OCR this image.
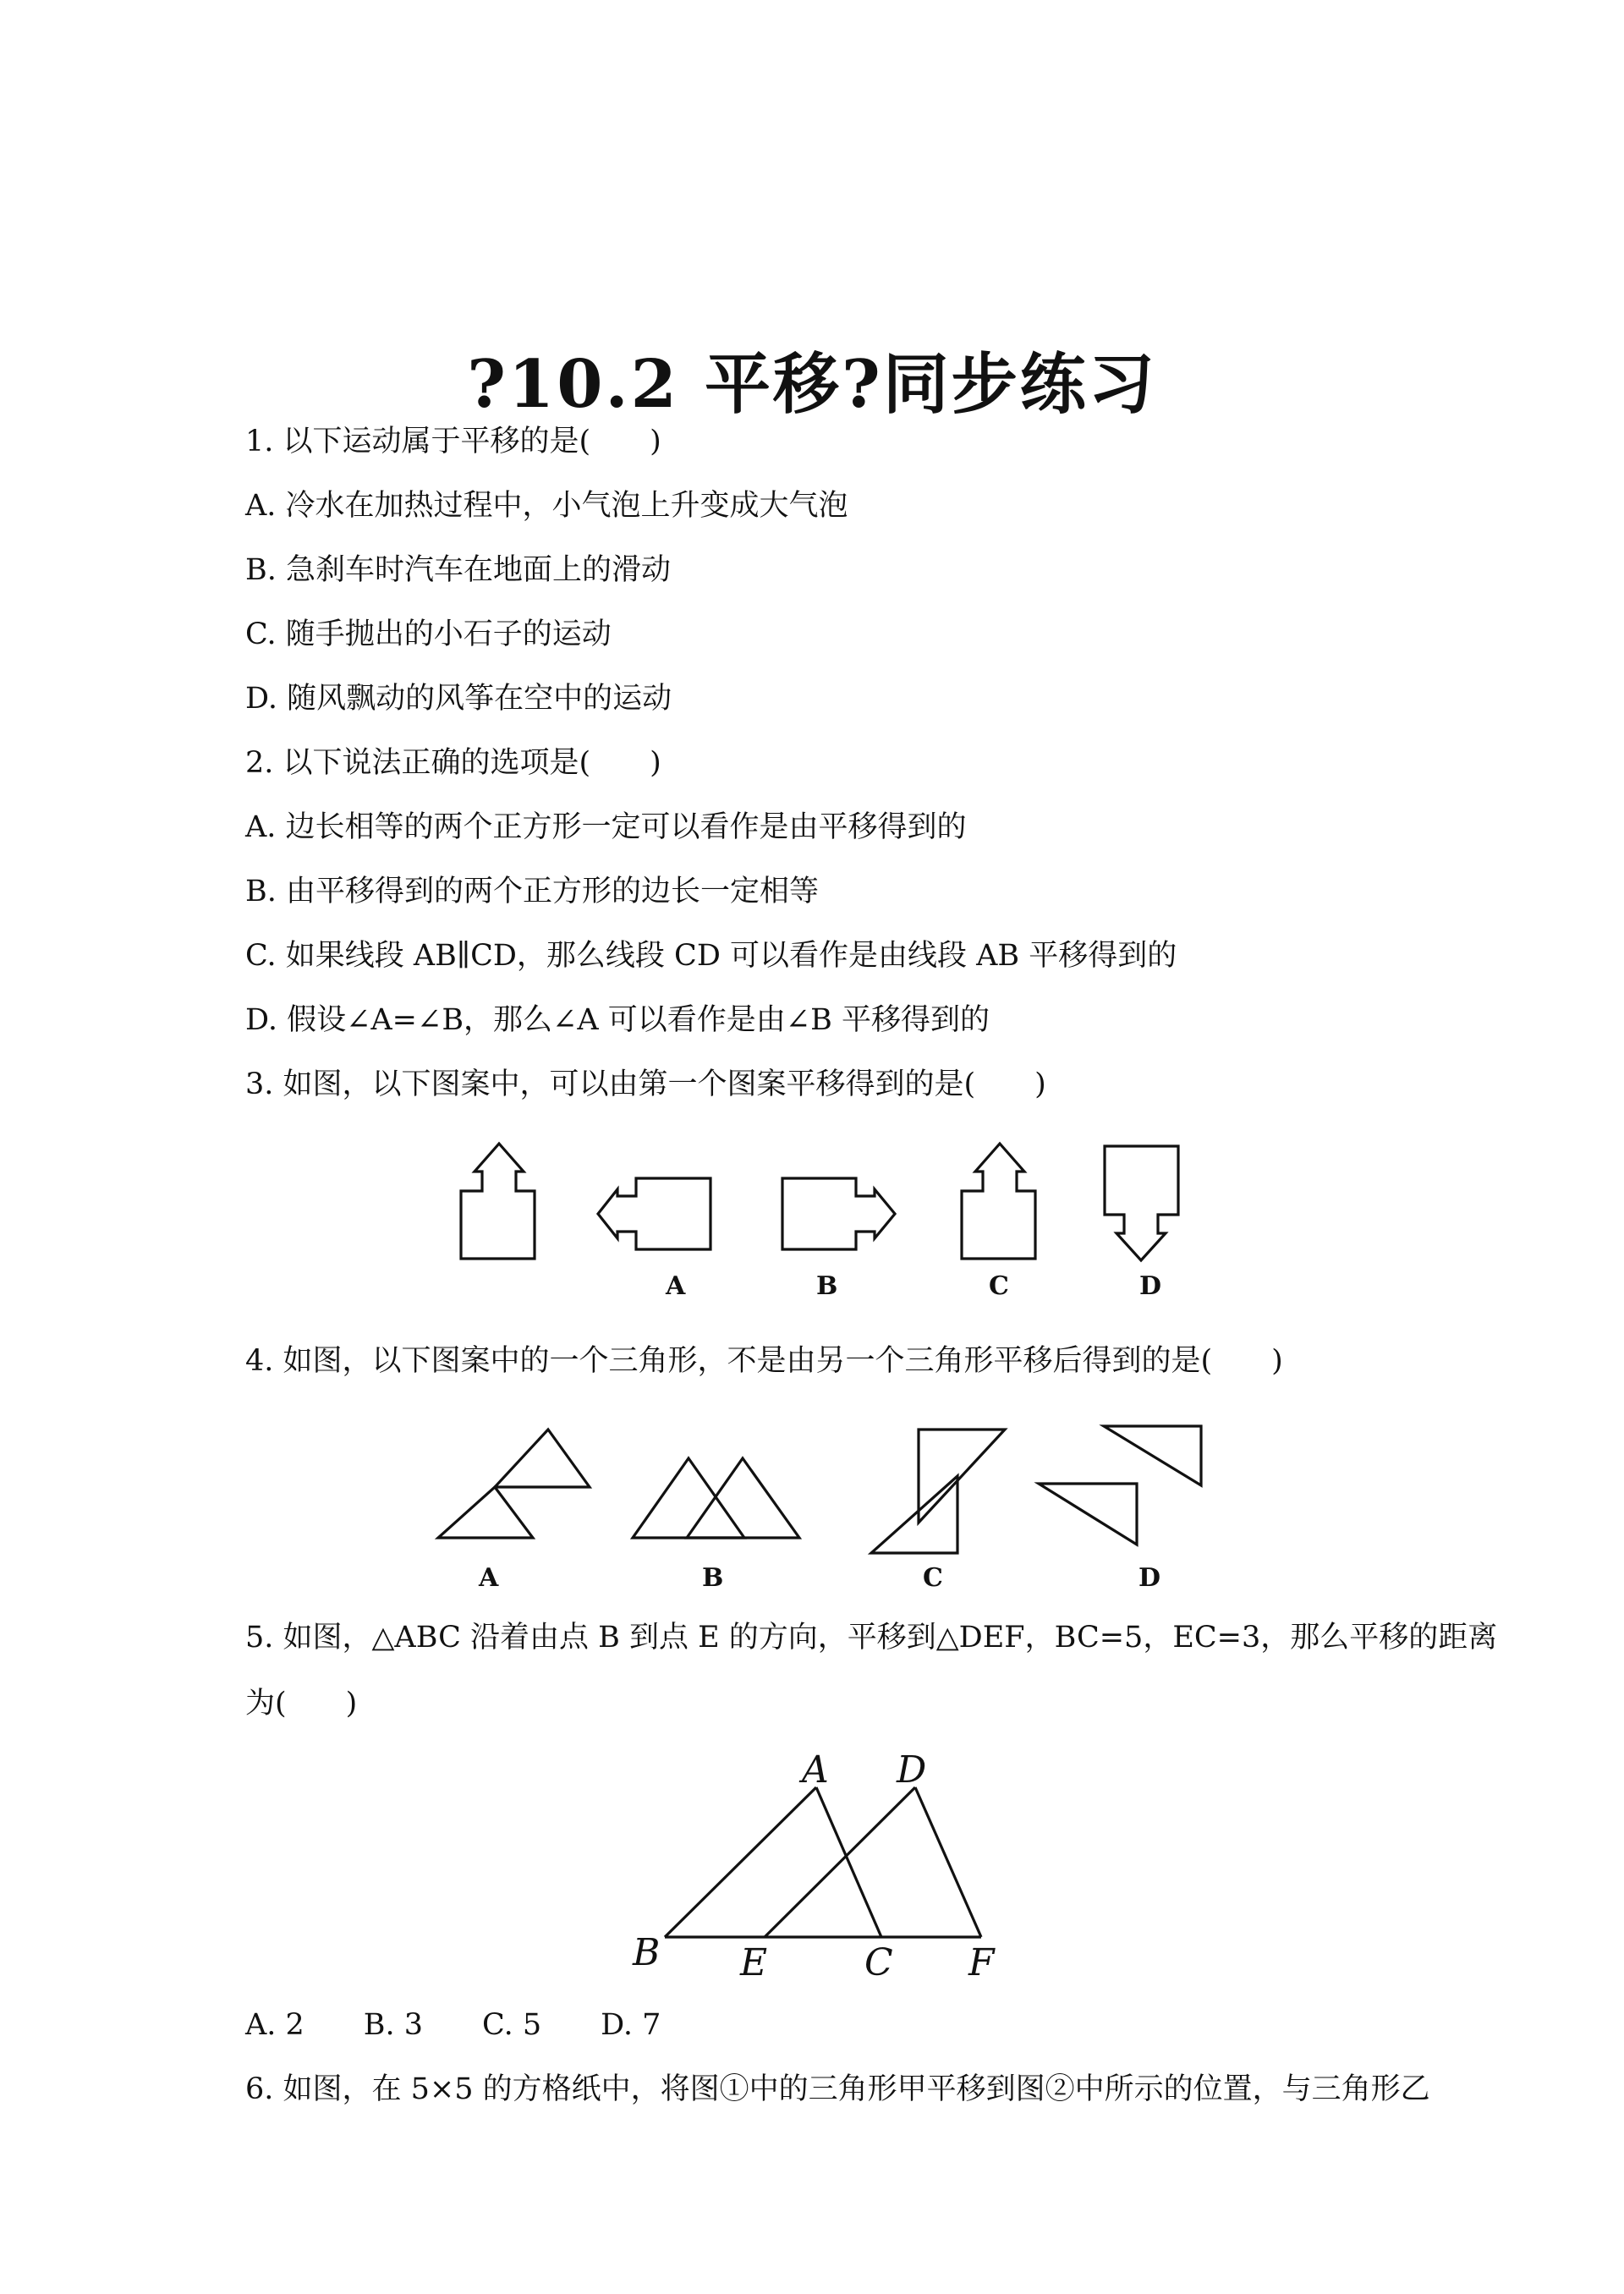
?10.2 平移?同步练习
1. 以下运动属于平移的是(　　)
A. 冷水在加热过程中，小气泡上升变成大气泡
B. 急刹车时汽车在地面上的滑动
C. 随手抛出的小石子的运动
D. 随风飘动的风筝在空中的运动
2. 以下说法正确的选项是(　　)
A. 边长相等的两个正方形一定可以看作是由平移得到的
B. 由平移得到的两个正方形的边长一定相等
C. 如果线段 AB∥CD，那么线段 CD 可以看作是由线段 AB 平移得到的
D. 假设∠A=∠B，那么∠A 可以看作是由∠B 平移得到的
3. 如图，以下图案中，可以由第一个图案平移得到的是(　　)
A	B	C	D
4. 如图，以下图案中的一个三角形，不是由另一个三角形平移后得到的是(　　)
A	B	C	D
5. 如图，△ABC 沿着由点 B 到点 E 的方向，平移到△DEF，BC=5，EC=3，那么平移的距离
为(　　)
A D
B E	C F
A. 2　　B. 3　　C. 5　　D. 7
6. 如图，在 5×5 的方格纸中，将图①中的三角形甲平移到图②中所示的位置，与三角形乙
